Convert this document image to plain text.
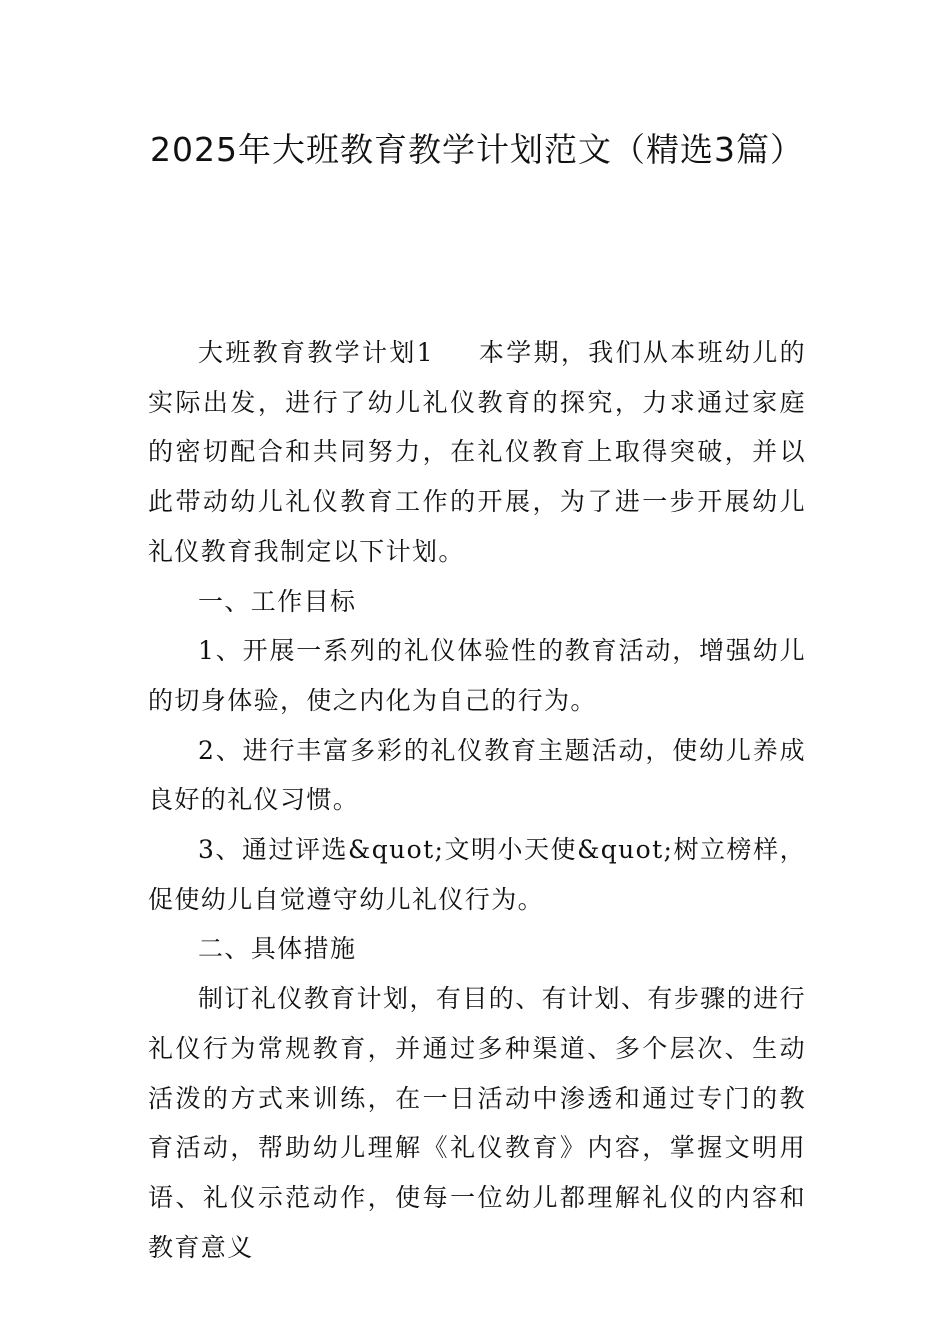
2025年大班教育教学计划范文（精选3篇）

大班教育教学计划1 本学期，我们从本班幼儿的实际出发，进行了幼儿礼仪教育的探究，力求通过家庭的密切配合和共同努力，在礼仪教育上取得突破，并以此带动幼儿礼仪教育工作的开展，为了进一步开展幼儿礼仪教育我制定以下计划。

一、工作目标

1、开展一系列的礼仪体验性的教育活动，增强幼儿的切身体验，使之内化为自己的行为。

2、进行丰富多彩的礼仪教育主题活动，使幼儿养成良好的礼仪习惯。

3、通过评选&quot;文明小天使&quot;树立榜样，促使幼儿自觉遵守幼儿礼仪行为。

二、具体措施

制订礼仪教育计划，有目的、有计划、有步骤的进行礼仪行为常规教育，并通过多种渠道、多个层次、生动活泼的方式来训练，在一日活动中渗透和通过专门的教育活动，帮助幼儿理解《礼仪教育》内容，掌握文明用语、礼仪示范动作，使每一位幼儿都理解礼仪的内容和教育意义
